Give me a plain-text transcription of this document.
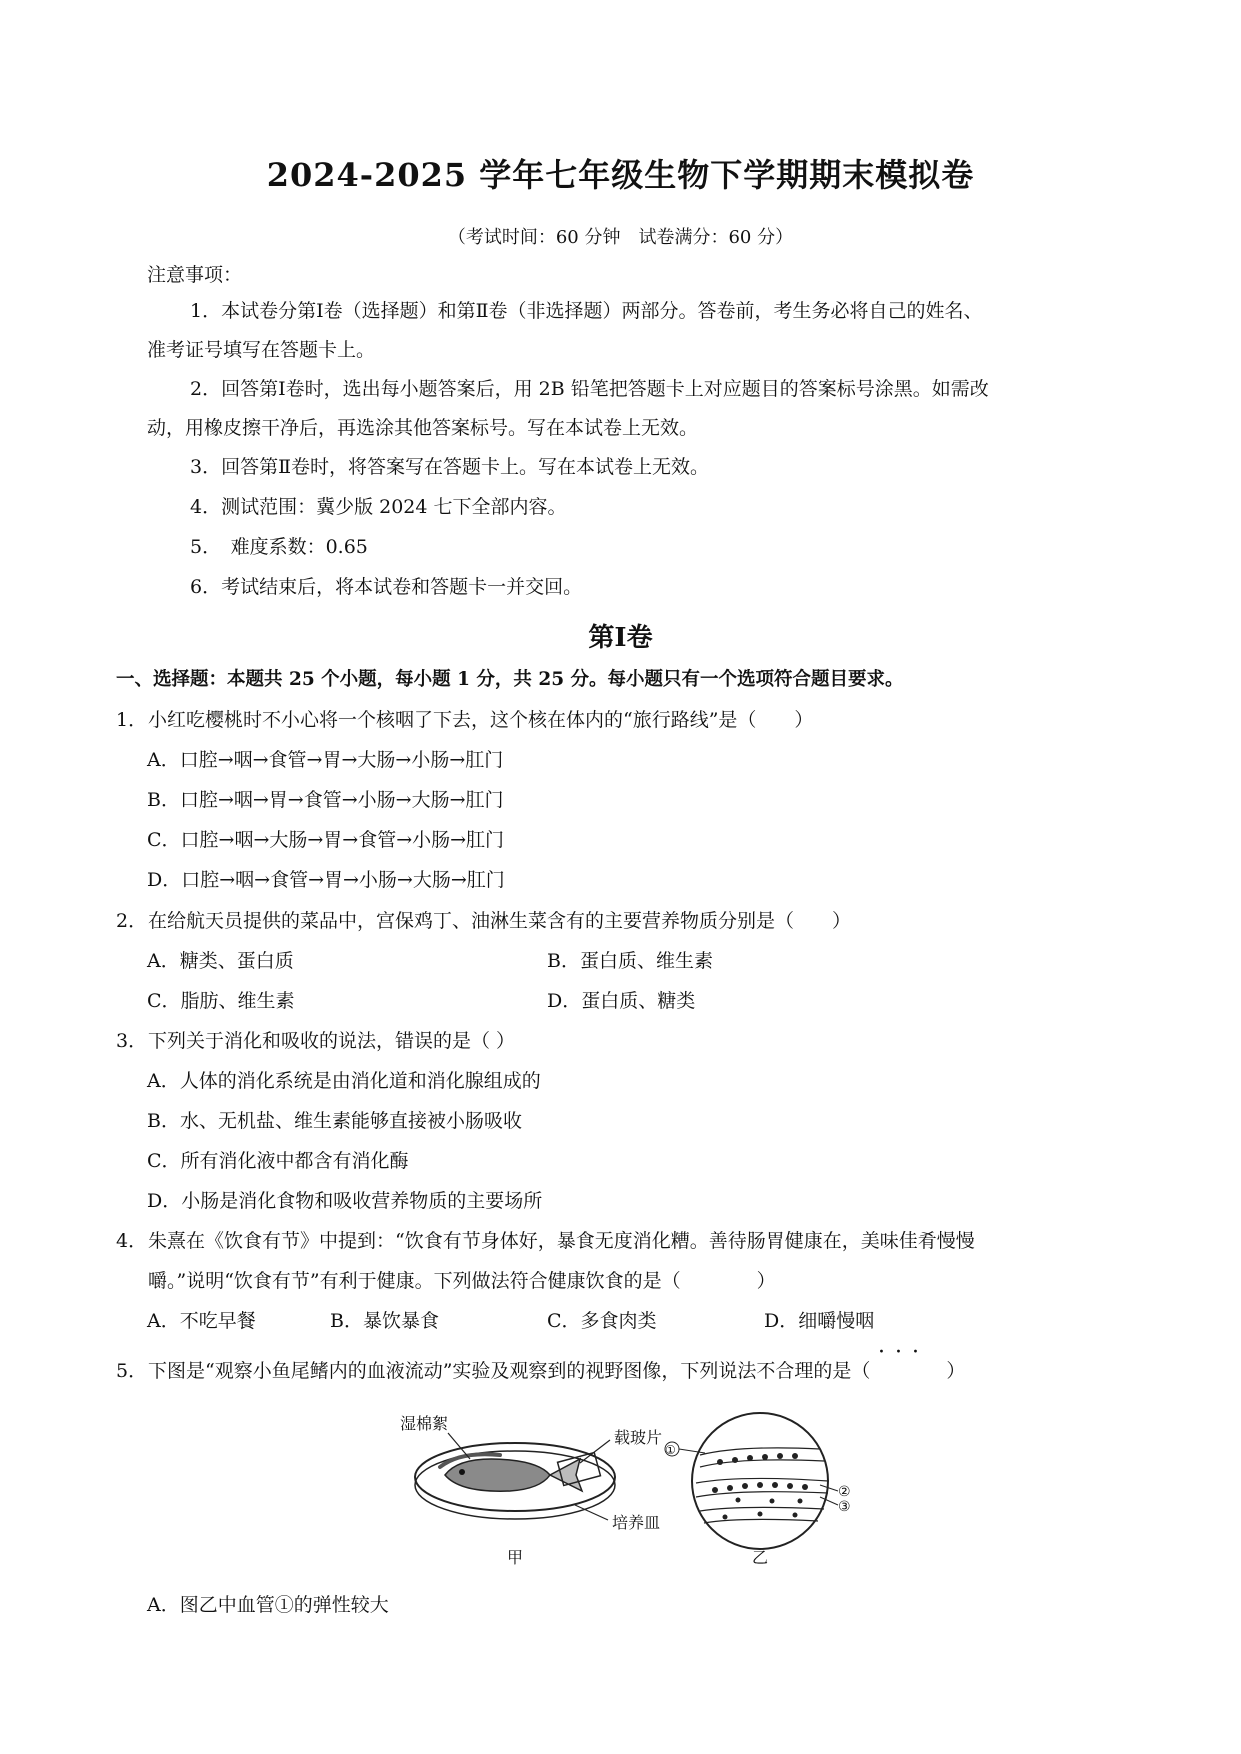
2024-2025 学年七年级生物下学期期末模拟卷
（考试时间：60 分钟　试卷满分：60 分）
注意事项：
1．本试卷分第Ⅰ卷（选择题）和第Ⅱ卷（非选择题）两部分。答卷前，考生务必将自己的姓名、
准考证号填写在答题卡上。
2．回答第Ⅰ卷时，选出每小题答案后，用 2B 铅笔把答题卡上对应题目的答案标号涂黑。如需改
动，用橡皮擦干净后，再选涂其他答案标号。写在本试卷上无效。
3．回答第Ⅱ卷时，将答案写在答题卡上。写在本试卷上无效。
4．测试范围：冀少版 2024 七下全部内容。
5．　难度系数：0.65
6．考试结束后，将本试卷和答题卡一并交回。
第Ⅰ卷
一、选择题：本题共 25 个小题，每小题 1 分，共 25 分。每小题只有一个选项符合题目要求。
1．小红吃樱桃时不小心将一个核咽了下去，这个核在体内的“旅行路线”是（　　）
A．口腔→咽→食管→胃→大肠→小肠→肛门
B．口腔→咽→胃→食管→小肠→大肠→肛门
C．口腔→咽→大肠→胃→食管→小肠→肛门
D．口腔→咽→食管→胃→小肠→大肠→肛门
2．在给航天员提供的菜品中，宫保鸡丁、油淋生菜含有的主要营养物质分别是（　　）
A．糖类、蛋白质	B．蛋白质、维生素
C．脂肪、维生素	D．蛋白质、糖类
3．下列关于消化和吸收的说法，错误的是（ ）
A．人体的消化系统是由消化道和消化腺组成的
B．水、无机盐、维生素能够直接被小肠吸收
C．所有消化液中都含有消化酶
D．小肠是消化食物和吸收营养物质的主要场所
4．朱熹在《饮食有节》中提到：“饮食有节身体好，暴食无度消化糟。善待肠胃健康在，美味佳肴慢慢
嚼。”说明“饮食有节”有利于健康。下列做法符合健康饮食的是（　　　　）
A．不吃早餐	B．暴饮暴食	C．多食肉类	D．细嚼慢咽
···
5．下图是“观察小鱼尾鳍内的血液流动”实验及观察到的视野图像，下列说法不合理的是（　　　　）
湿棉絮
载玻片
培养皿
甲
①
②
③
乙
A．图乙中血管①的弹性较大
